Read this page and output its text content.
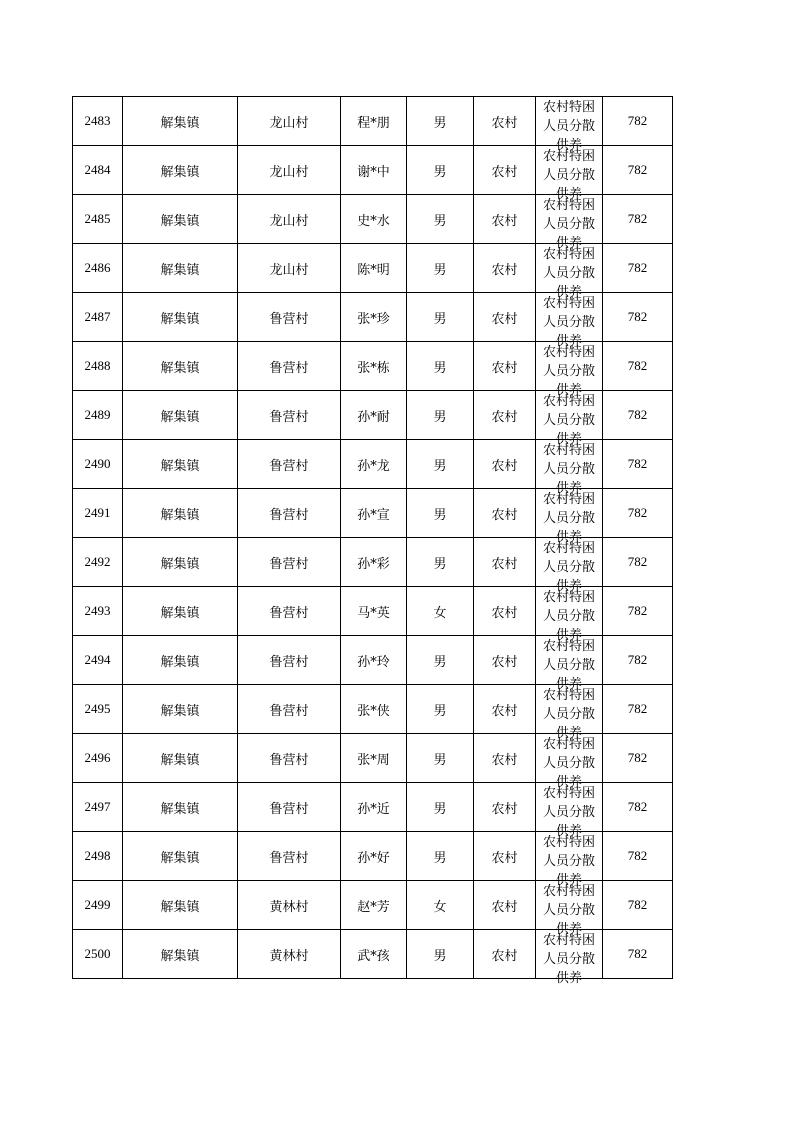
2483	解集镇	龙山村	程*朋	男	农村	农村特困人员分散供养	782
2484	解集镇	龙山村	谢*中	男	农村	农村特困人员分散供养	782
2485	解集镇	龙山村	史*水	男	农村	农村特困人员分散供养	782
2486	解集镇	龙山村	陈*明	男	农村	农村特困人员分散供养	782
2487	解集镇	鲁营村	张*珍	男	农村	农村特困人员分散供养	782
2488	解集镇	鲁营村	张*栋	男	农村	农村特困人员分散供养	782
2489	解集镇	鲁营村	孙*耐	男	农村	农村特困人员分散供养	782
2490	解集镇	鲁营村	孙*龙	男	农村	农村特困人员分散供养	782
2491	解集镇	鲁营村	孙*宣	男	农村	农村特困人员分散供养	782
2492	解集镇	鲁营村	孙*彩	男	农村	农村特困人员分散供养	782
2493	解集镇	鲁营村	马*英	女	农村	农村特困人员分散供养	782
2494	解集镇	鲁营村	孙*玲	男	农村	农村特困人员分散供养	782
2495	解集镇	鲁营村	张*侠	男	农村	农村特困人员分散供养	782
2496	解集镇	鲁营村	张*周	男	农村	农村特困人员分散供养	782
2497	解集镇	鲁营村	孙*近	男	农村	农村特困人员分散供养	782
2498	解集镇	鲁营村	孙*好	男	农村	农村特困人员分散供养	782
2499	解集镇	黄林村	赵*芳	女	农村	农村特困人员分散供养	782
2500	解集镇	黄林村	武*孩	男	农村	农村特困人员分散供养	782
